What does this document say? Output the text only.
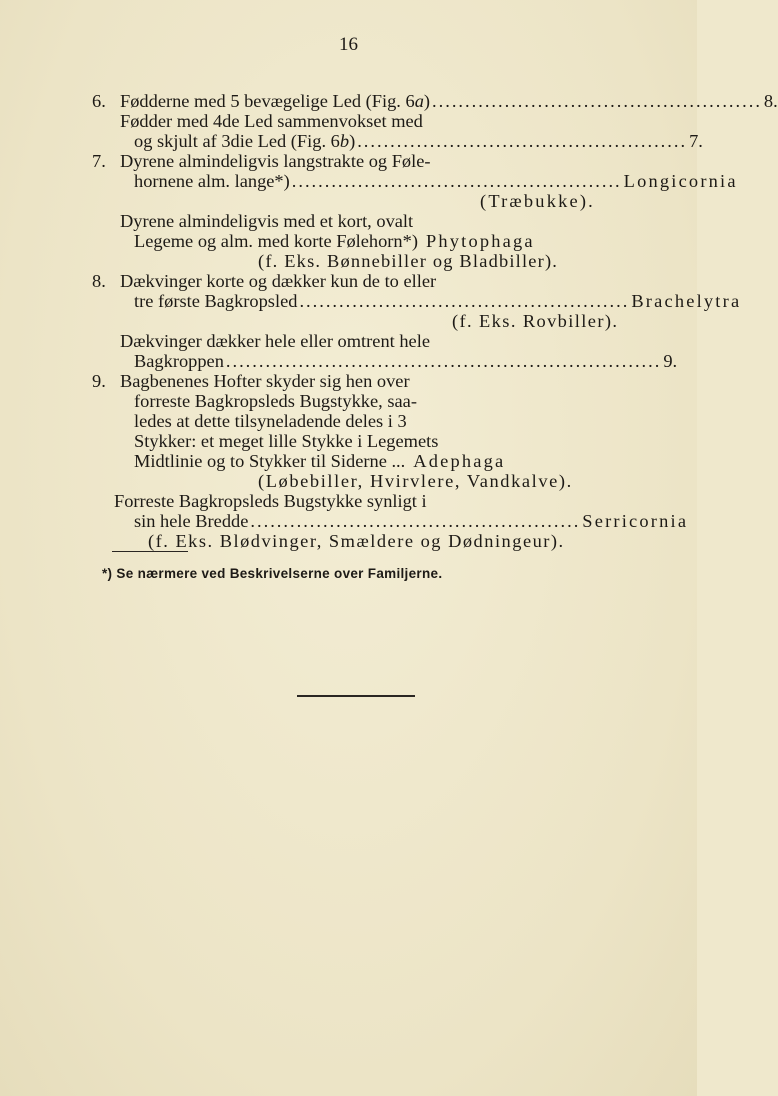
16
6. Fødderne med 5 bevægelige Led (Fig. 6a) .................................................. 8.
Fødder med 4de Led sammenvokset med
og skjult af 3die Led (Fig. 6b) .................................................. 7.
7. Dyrene almindeligvis langstrakte og Føle-
hornene alm. lange*) .................................................. Longicornia
(Træbukke).
Dyrene almindeligvis med et kort, ovalt
Legeme og alm. med korte Følehorn*) Phytophaga
(f. Eks. Bønnebiller og Bladbiller).
8. Dækvinger korte og dækker kun de to eller
tre første Bagkropsled .................................................. Brachelytra
(f. Eks. Rovbiller).
Dækvinger dækker hele eller omtrent hele
Bagkroppen .................................................................. 9.
9. Bagbenenes Hofter skyder sig hen over
forreste Bagkropsleds Bugstykke, saa-
ledes at dette tilsyneladende deles i 3
Stykker: et meget lille Stykke i Legemets
Midtlinie og to Stykker til Siderne ... Adephaga
(Løbebiller, Hvirvlere, Vandkalve).
Forreste Bagkropsleds Bugstykke synligt i
sin hele Bredde .................................................. Serricornia
(f. Eks. Blødvinger, Smældere og Dødningeur).
*) Se nærmere ved Beskrivelserne over Familjerne.
